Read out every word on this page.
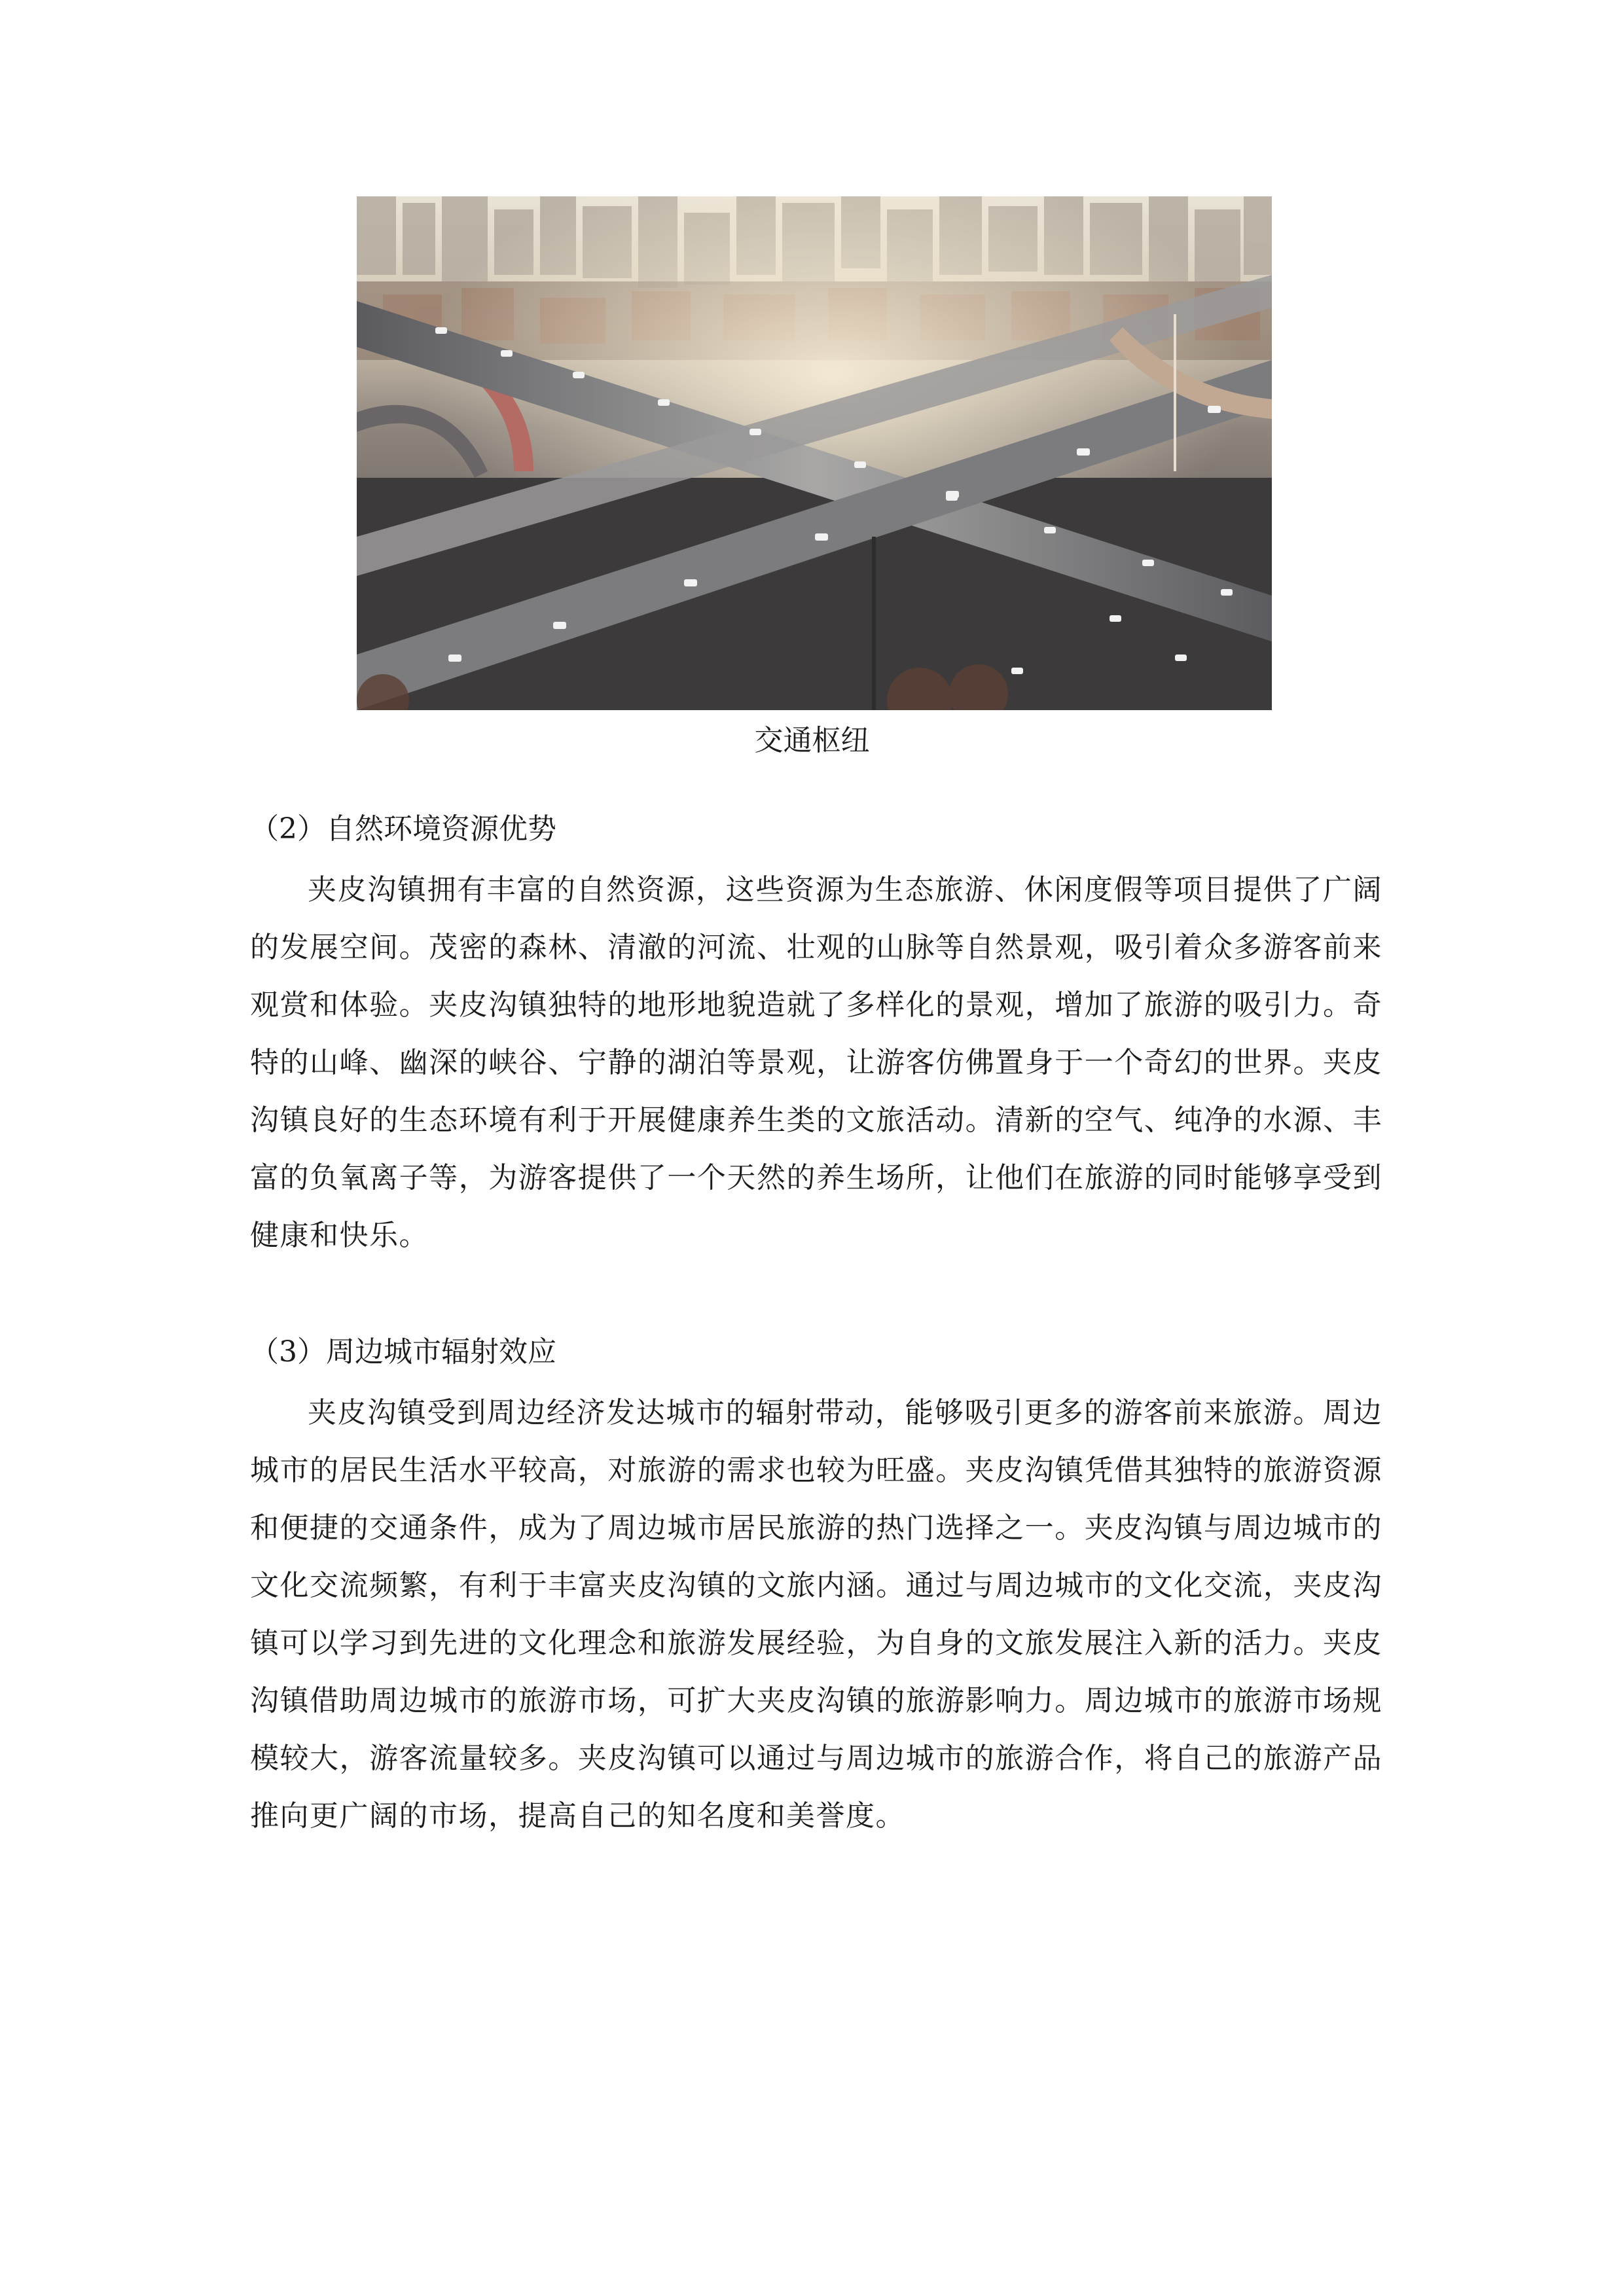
交通枢纽
（2）自然环境资源优势

夹皮沟镇拥有丰富的自然资源，这些资源为生态旅游、休闲度假等项目提供了广阔的发展空间。茂密的森林、清澈的河流、壮观的山脉等自然景观，吸引着众多游客前来观赏和体验。夹皮沟镇独特的地形地貌造就了多样化的景观，增加了旅游的吸引力。奇特的山峰、幽深的峡谷、宁静的湖泊等景观，让游客仿佛置身于一个奇幻的世界。夹皮沟镇良好的生态环境有利于开展健康养生类的文旅活动。清新的空气、纯净的水源、丰富的负氧离子等，为游客提供了一个天然的养生场所，让他们在旅游的同时能够享受到健康和快乐。

（3）周边城市辐射效应

夹皮沟镇受到周边经济发达城市的辐射带动，能够吸引更多的游客前来旅游。周边城市的居民生活水平较高，对旅游的需求也较为旺盛。夹皮沟镇凭借其独特的旅游资源和便捷的交通条件，成为了周边城市居民旅游的热门选择之一。夹皮沟镇与周边城市的文化交流频繁，有利于丰富夹皮沟镇的文旅内涵。通过与周边城市的文化交流，夹皮沟镇可以学习到先进的文化理念和旅游发展经验，为自身的文旅发展注入新的活力。夹皮沟镇借助周边城市的旅游市场，可扩大夹皮沟镇的旅游影响力。周边城市的旅游市场规模较大，游客流量较多。夹皮沟镇可以通过与周边城市的旅游合作，将自己的旅游产品推向更广阔的市场，提高自己的知名度和美誉度。
